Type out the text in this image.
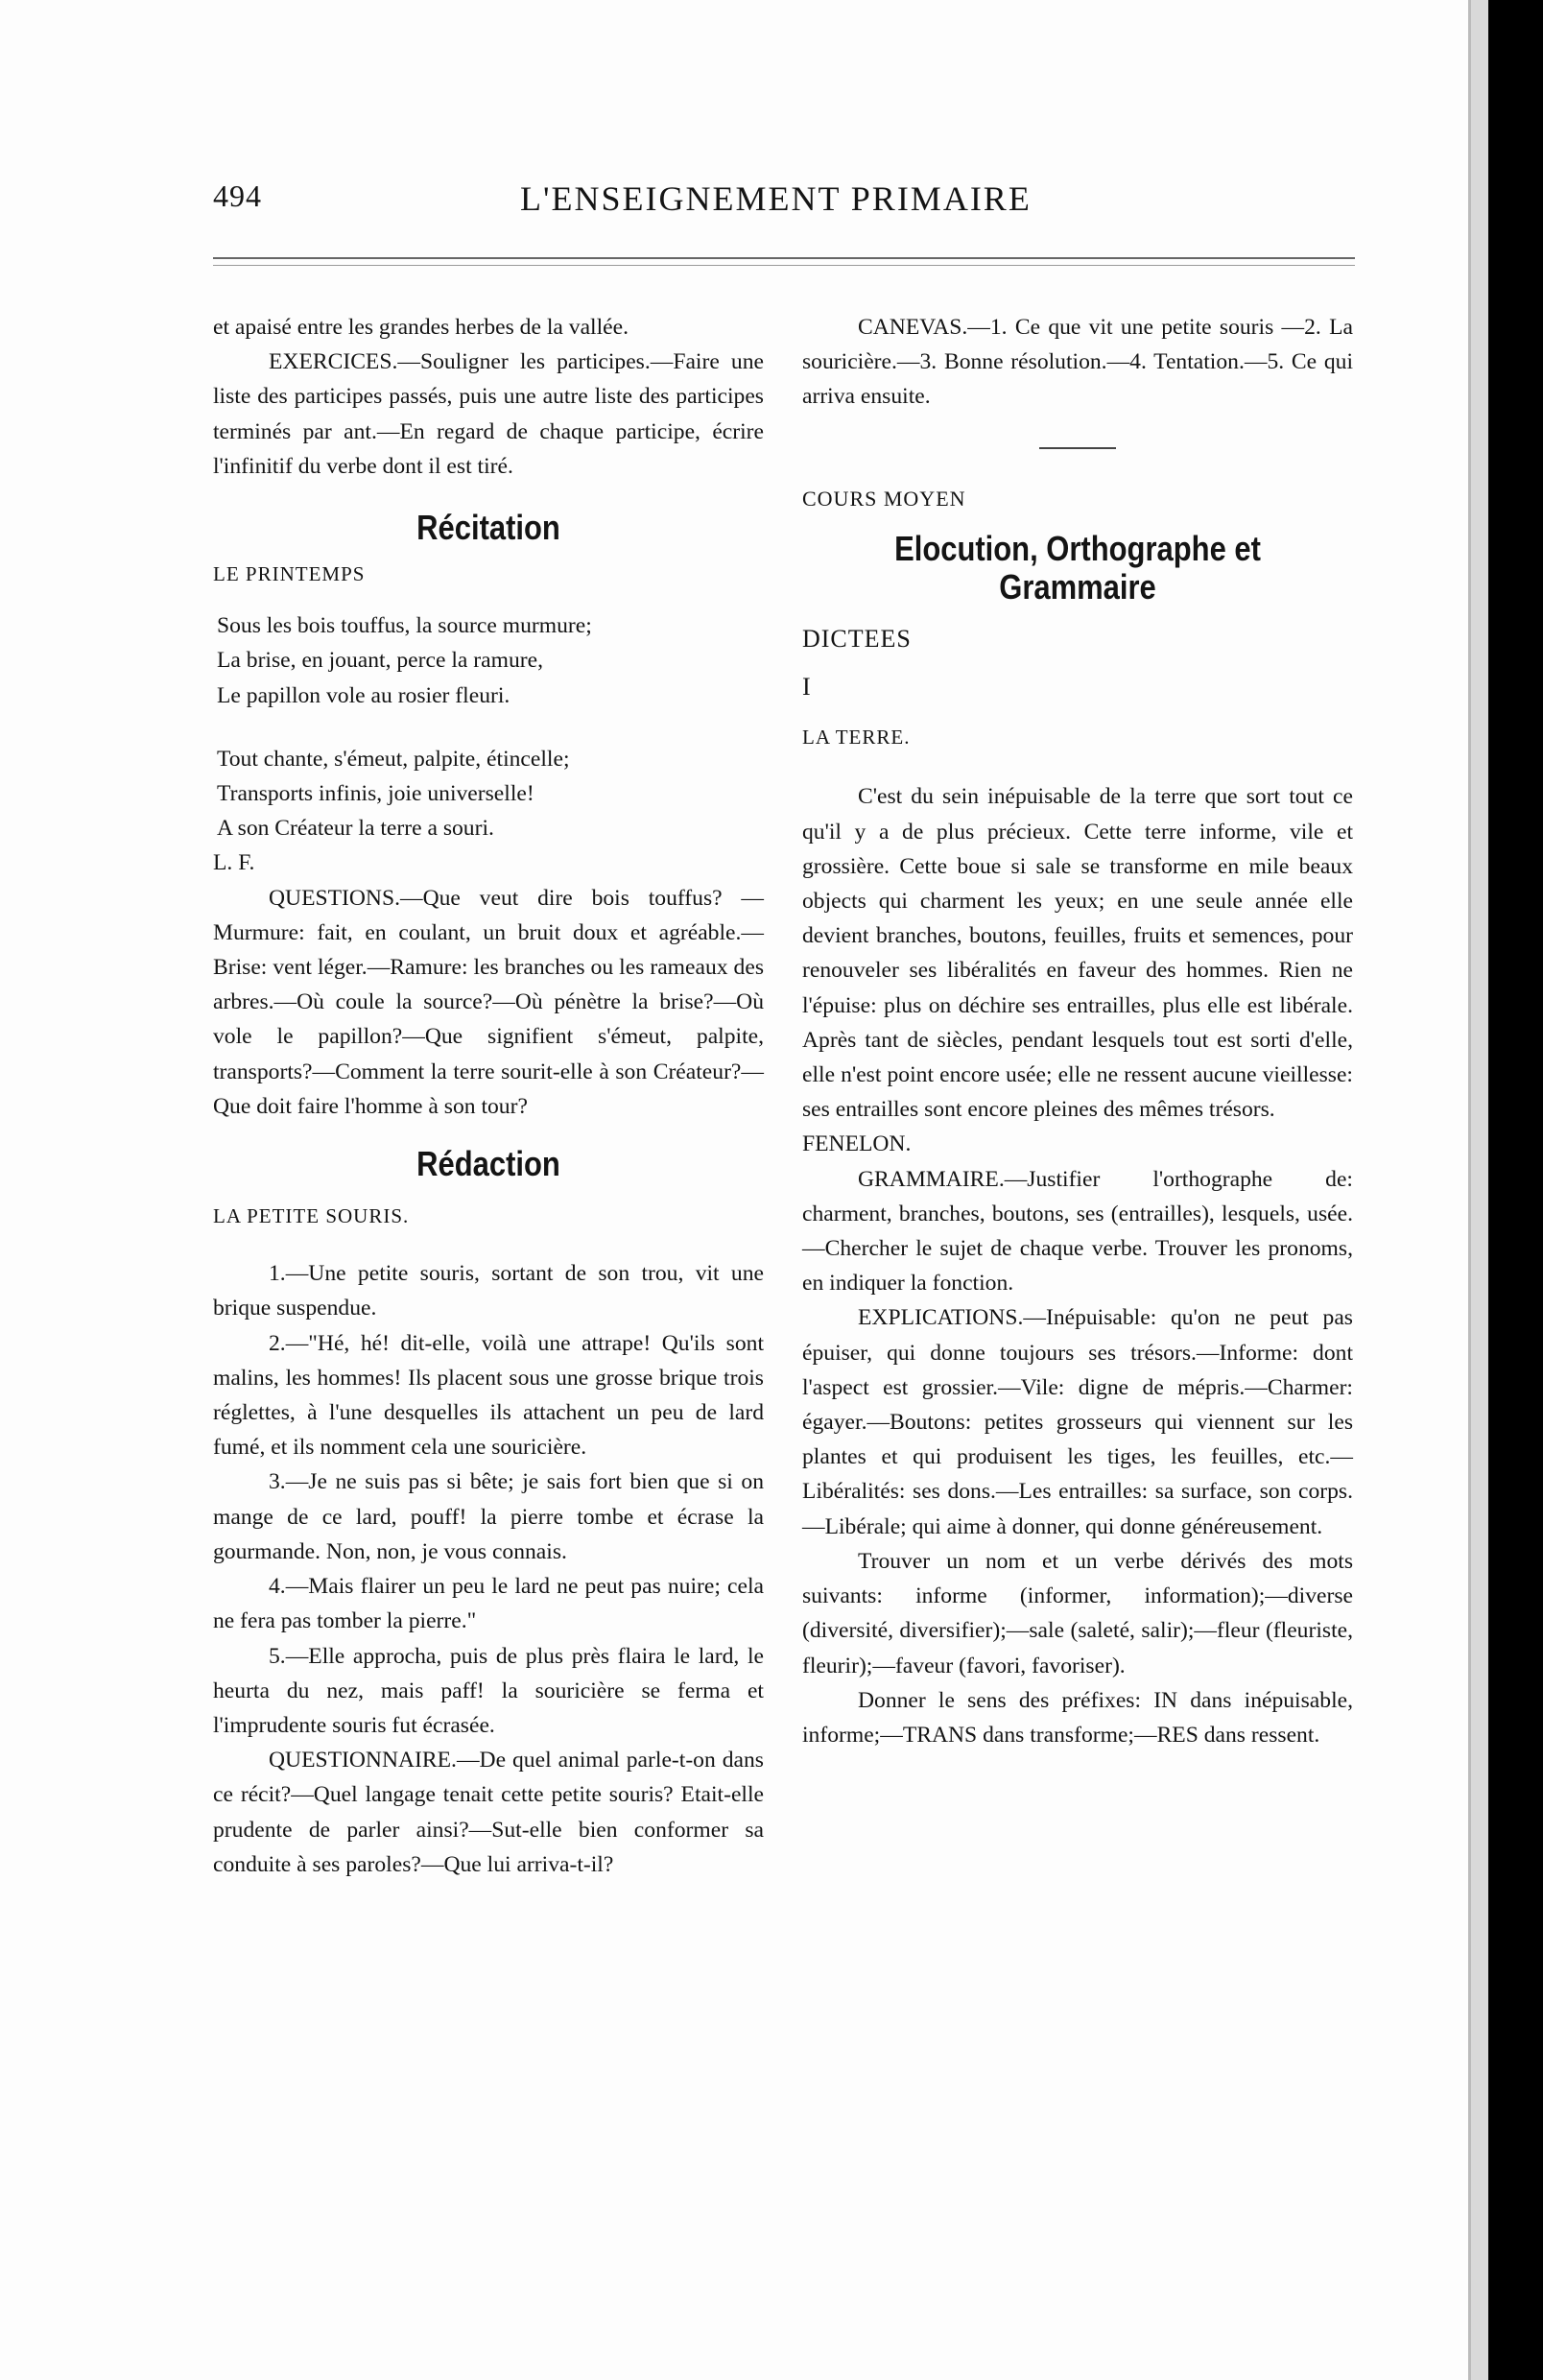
494	L'ENSEIGNEMENT PRIMAIRE

et apaisé entre les grandes herbes de la vallée.

EXERCICES.—Souligner les participes.—Faire une liste des participes passés, puis une autre liste des participes terminés par ant.—En regard de chaque participe, écrire l'infinitif du verbe dont il est tiré.

Récitation

LE PRINTEMPS

Sous les bois touffus, la source murmure;

La brise, en jouant, perce la ramure,

Le papillon vole au rosier fleuri.

Tout chante, s'émeut, palpite, étincelle;

Transports infinis, joie universelle!

A son Créateur la terre a souri.

L. F.

QUESTIONS.—Que veut dire bois touffus? —Murmure: fait, en coulant, un bruit doux et agréable.—Brise: vent léger.—Ramure: les branches ou les rameaux des arbres.—Où coule la source?—Où pénètre la brise?—Où vole le papillon?—Que signifient s'émeut, palpite, transports?—Comment la terre sourit-elle à son Créateur?—Que doit faire l'homme à son tour?

Rédaction

LA PETITE SOURIS.

1.—Une petite souris, sortant de son trou, vit une brique suspendue.

2.—"Hé, hé! dit-elle, voilà une attrape! Qu'ils sont malins, les hommes! Ils placent sous une grosse brique trois réglettes, à l'une desquelles ils attachent un peu de lard fumé, et ils nomment cela une souricière.

3.—Je ne suis pas si bête; je sais fort bien que si on mange de ce lard, pouff! la pierre tombe et écrase la gourmande. Non, non, je vous connais.

4.—Mais flairer un peu le lard ne peut pas nuire; cela ne fera pas tomber la pierre."

5.—Elle approcha, puis de plus près flaira le lard, le heurta du nez, mais paff! la souricière se ferma et l'imprudente souris fut écrasée.

QUESTIONNAIRE.—De quel animal parle-t-on dans ce récit?—Quel langage tenait cette petite souris? Etait-elle prudente de parler ainsi?—Sut-elle bien conformer sa conduite à ses paroles?—Que lui arriva-t-il?

CANEVAS.—1. Ce que vit une petite souris —2. La souricière.—3. Bonne résolution.—4. Tentation.—5. Ce qui arriva ensuite.

COURS MOYEN

Elocution, Orthographe et
Grammaire

DICTEES

I

LA TERRE.

C'est du sein inépuisable de la terre que sort tout ce qu'il y a de plus précieux. Cette terre informe, vile et grossière. Cette boue si sale se transforme en mile beaux objects qui charment les yeux; en une seule année elle devient branches, boutons, feuilles, fruits et semences, pour renouveler ses libéralités en faveur des hommes. Rien ne l'épuise: plus on déchire ses entrailles, plus elle est libérale. Après tant de siècles, pendant lesquels tout est sorti d'elle, elle n'est point encore usée; elle ne ressent aucune vieillesse: ses entrailles sont encore pleines des mêmes trésors.

FENELON.

GRAMMAIRE.—Justifier l'orthographe de: charment, branches, boutons, ses (entrailles), lesquels, usée.—Chercher le sujet de chaque verbe. Trouver les pronoms, en indiquer la fonction.

EXPLICATIONS.—Inépuisable: qu'on ne peut pas épuiser, qui donne toujours ses trésors.—Informe: dont l'aspect est grossier.—Vile: digne de mépris.—Charmer: égayer.—Boutons: petites grosseurs qui viennent sur les plantes et qui produisent les tiges, les feuilles, etc.—Libéralités: ses dons.—Les entrailles: sa surface, son corps.—Libérale; qui aime à donner, qui donne généreusement.

Trouver un nom et un verbe dérivés des mots suivants: informe (informer, information);—diverse (diversité, diversifier);—sale (saleté, salir);—fleur (fleuriste, fleurir);—faveur (favori, favoriser).

Donner le sens des préfixes: IN dans inépuisable, informe;—TRANS dans transforme;—RES dans ressent.
